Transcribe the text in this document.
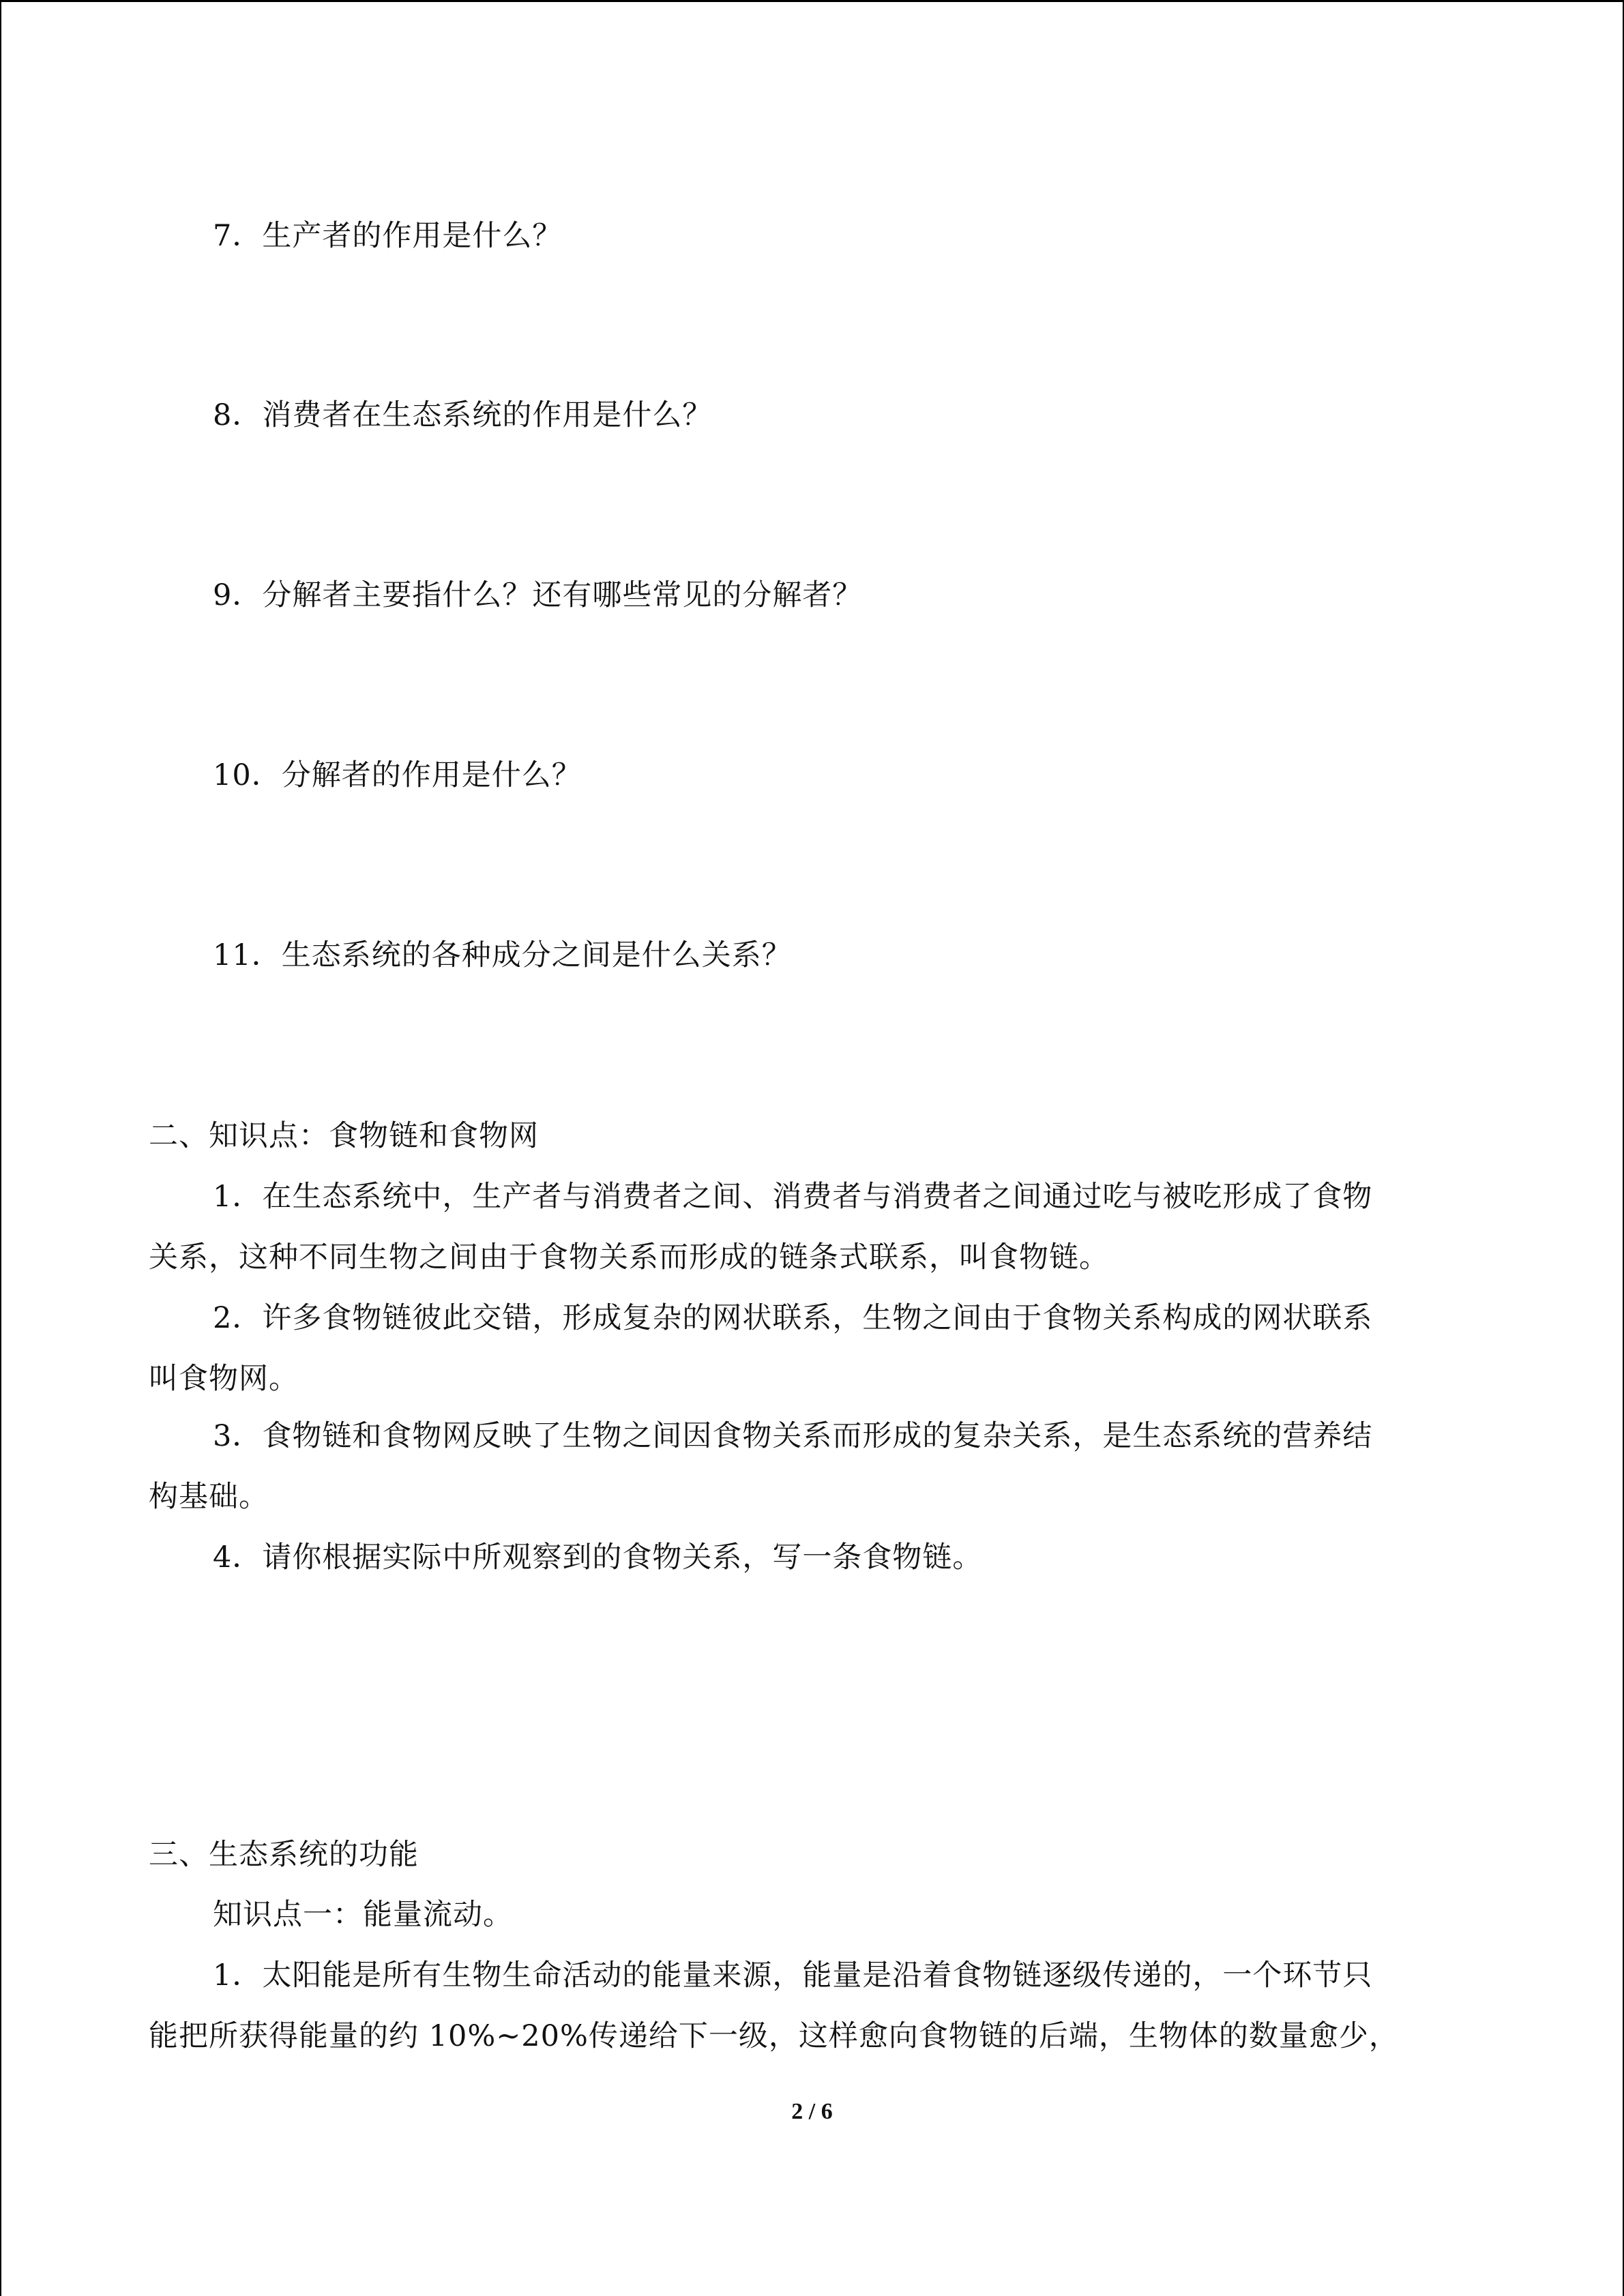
7．生产者的作用是什么？
8．消费者在生态系统的作用是什么？
9．分解者主要指什么？还有哪些常见的分解者？
10．分解者的作用是什么？
11．生态系统的各种成分之间是什么关系？
二、知识点：食物链和食物网
1．在生态系统中，生产者与消费者之间、消费者与消费者之间通过吃与被吃形成了食物
关系，这种不同生物之间由于食物关系而形成的链条式联系，叫食物链。
2．许多食物链彼此交错，形成复杂的网状联系，生物之间由于食物关系构成的网状联系
叫食物网。
3．食物链和食物网反映了生物之间因食物关系而形成的复杂关系，是生态系统的营养结
构基础。
4．请你根据实际中所观察到的食物关系，写一条食物链。
三、生态系统的功能
知识点一：能量流动。
1．太阳能是所有生物生命活动的能量来源，能量是沿着食物链逐级传递的，一个环节只
能把所获得能量的约 10%~20%传递给下一级，这样愈向食物链的后端，生物体的数量愈少，
2 / 6
